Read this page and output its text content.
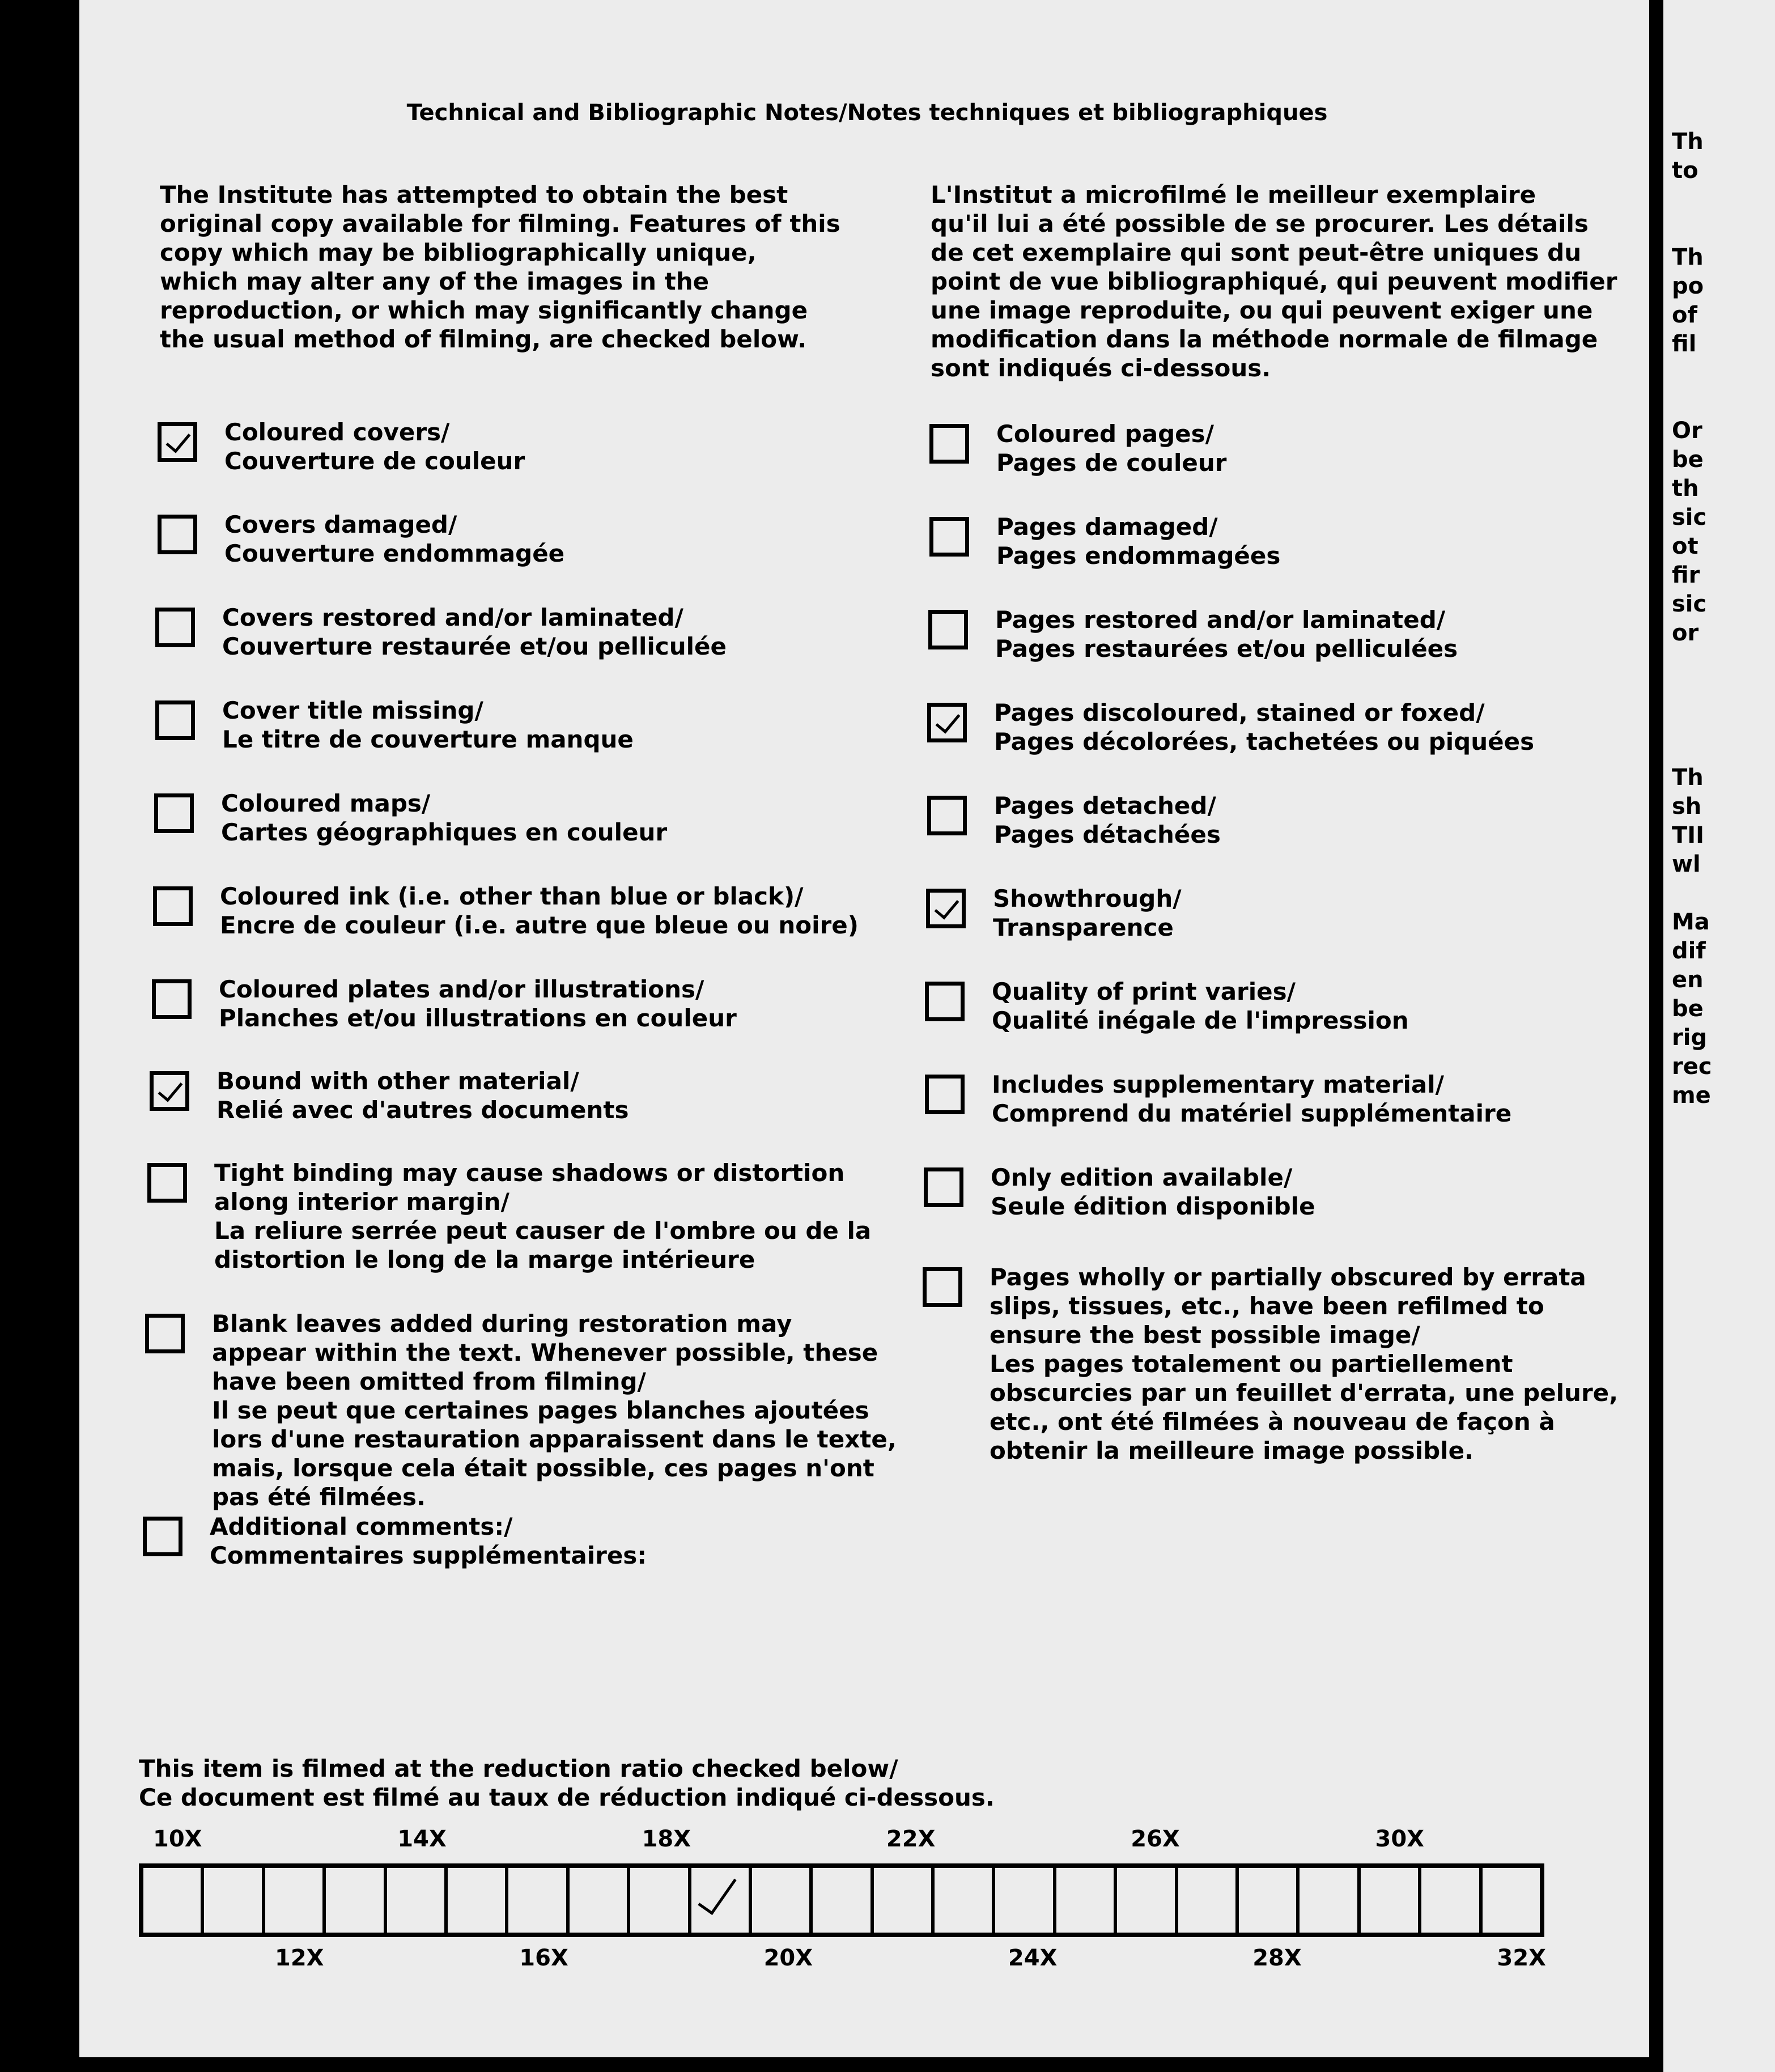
Technical and Bibliographic Notes/Notes techniques et bibliographiques
The Institute has attempted to obtain the best
original copy available for filming. Features of this
copy which may be bibliographically unique,
which may alter any of the images in the
reproduction, or which may significantly change
the usual method of filming, are checked below.
L'Institut a microfilmé le meilleur exemplaire
qu'il lui a été possible de se procurer. Les détails
de cet exemplaire qui sont peut-être uniques du
point de vue bibliographiqué, qui peuvent modifier
une image reproduite, ou qui peuvent exiger une
modification dans la méthode normale de filmage
sont indiqués ci-dessous.
Coloured covers/
Couverture de couleur
Covers damaged/
Couverture endommagée
Covers restored and/or laminated/
Couverture restaurée et/ou pelliculée
Cover title missing/
Le titre de couverture manque
Coloured maps/
Cartes géographiques en couleur
Coloured ink (i.e. other than blue or black)/
Encre de couleur (i.e. autre que bleue ou noire)
Coloured plates and/or illustrations/
Planches et/ou illustrations en couleur
Bound with other material/
Relié avec d'autres documents
Tight binding may cause shadows or distortion
along interior margin/
La reliure serrée peut causer de l'ombre ou de la
distortion le long de la marge intérieure
Blank leaves added during restoration may
appear within the text. Whenever possible, these
have been omitted from filming/
Il se peut que certaines pages blanches ajoutées
lors d'une restauration apparaissent dans le texte,
mais, lorsque cela était possible, ces pages n'ont
pas été filmées.
Additional comments:/
Commentaires supplémentaires:
Coloured pages/
Pages de couleur
Pages damaged/
Pages endommagées
Pages restored and/or laminated/
Pages restaurées et/ou pelliculées
Pages discoloured, stained or foxed/
Pages décolorées, tachetées ou piquées
Pages detached/
Pages détachées
Showthrough/
Transparence
Quality of print varies/
Qualité inégale de l'impression
Includes supplementary material/
Comprend du matériel supplémentaire
Only edition available/
Seule édition disponible
Pages wholly or partially obscured by errata
slips, tissues, etc., have been refilmed to
ensure the best possible image/
Les pages totalement ou partiellement
obscurcies par un feuillet d'errata, une pelure,
etc., ont été filmées à nouveau de façon à
obtenir la meilleure image possible.
This item is filmed at the reduction ratio checked below/
Ce document est filmé au taux de réduction indiqué ci-dessous.
Th
to
Th
po
of
fil
Or
be
th
sic
ot
fir
sic
or
Th
sh
TII
wl
Ma
dif
en
be
rig
rec
me
10X	14X	18X	22X	26X	30X
12X	16X	20X	24X	28X	32X
